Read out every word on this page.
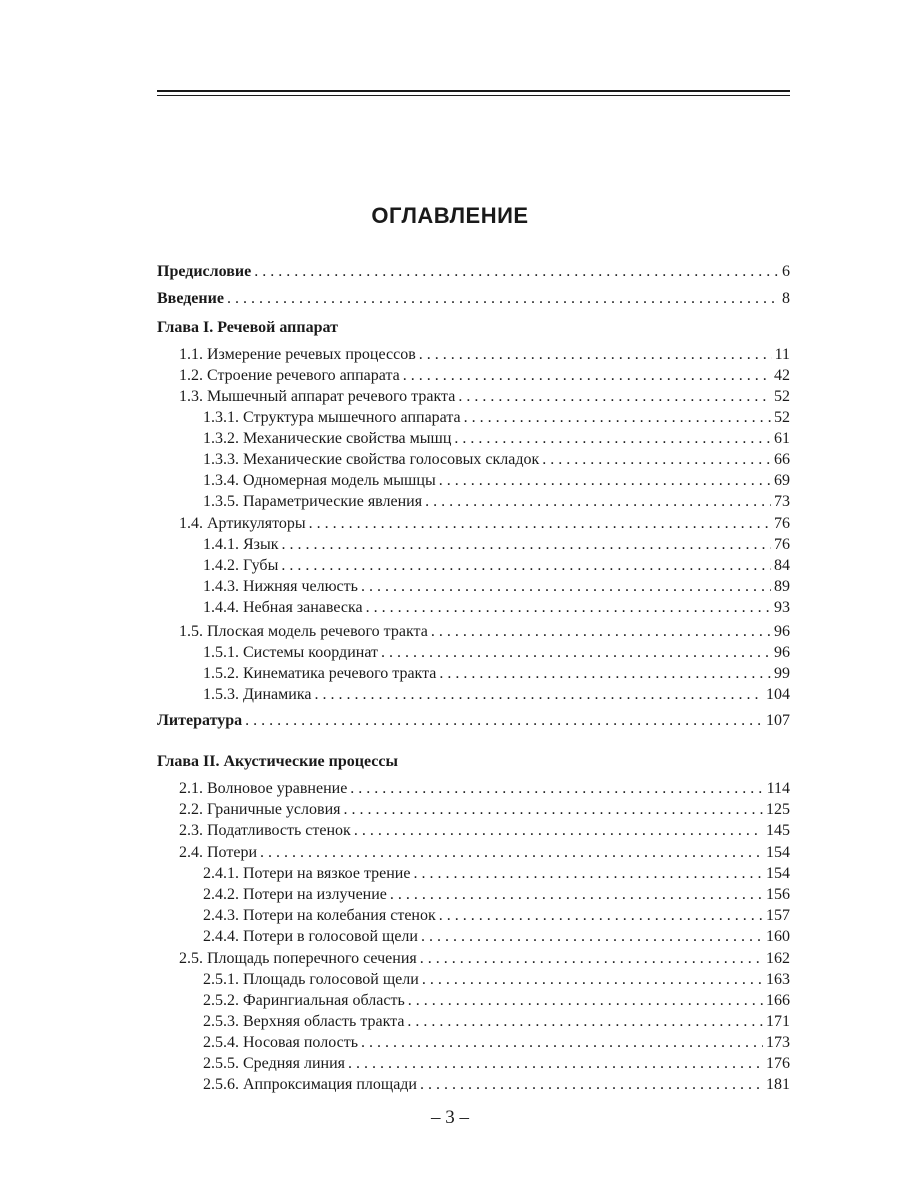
ОГЛАВЛЕНИЕ
Предисловие . . .	6
Введение . . .	8
Глава I. Речевой аппарат
1.1. Измерение речевых процессов . . .	11
1.2. Строение речевого аппарата . . .	42
1.3. Мышечный аппарат речевого тракта . . .	52
1.3.1. Структура мышечного аппарата . . .	52
1.3.2. Механические свойства мышц . . .	61
1.3.3. Механические свойства голосовых складок . . .	66
1.3.4. Одномерная модель мышцы . . .	69
1.3.5. Параметрические явления . . .	73
1.4. Артикуляторы . . .	76
1.4.1. Язык . . .	76
1.4.2. Губы . . .	84
1.4.3. Нижняя челюсть . . .	89
1.4.4. Небная занавеска . . .	93
1.5. Плоская модель речевого тракта . . .	96
1.5.1. Системы координат . . .	96
1.5.2. Кинематика речевого тракта . . .	99
1.5.3. Динамика . . .	104
Литература . . .	107
Глава II. Акустические процессы
2.1. Волновое уравнение . . .	114
2.2. Граничные условия . . .	125
2.3. Податливость стенок . . .	145
2.4. Потери . . .	154
2.4.1. Потери на вязкое трение . . .	154
2.4.2. Потери на излучение . . .	156
2.4.3. Потери на колебания стенок . . .	157
2.4.4. Потери в голосовой щели . . .	160
2.5. Площадь поперечного сечения . . .	162
2.5.1. Площадь голосовой щели . . .	163
2.5.2. Фарингиальная область . . .	166
2.5.3. Верхняя область тракта . . .	171
2.5.4. Носовая полость . . .	173
2.5.5. Средняя линия . . .	176
2.5.6. Аппроксимация площади . . .	181
– 3 –
